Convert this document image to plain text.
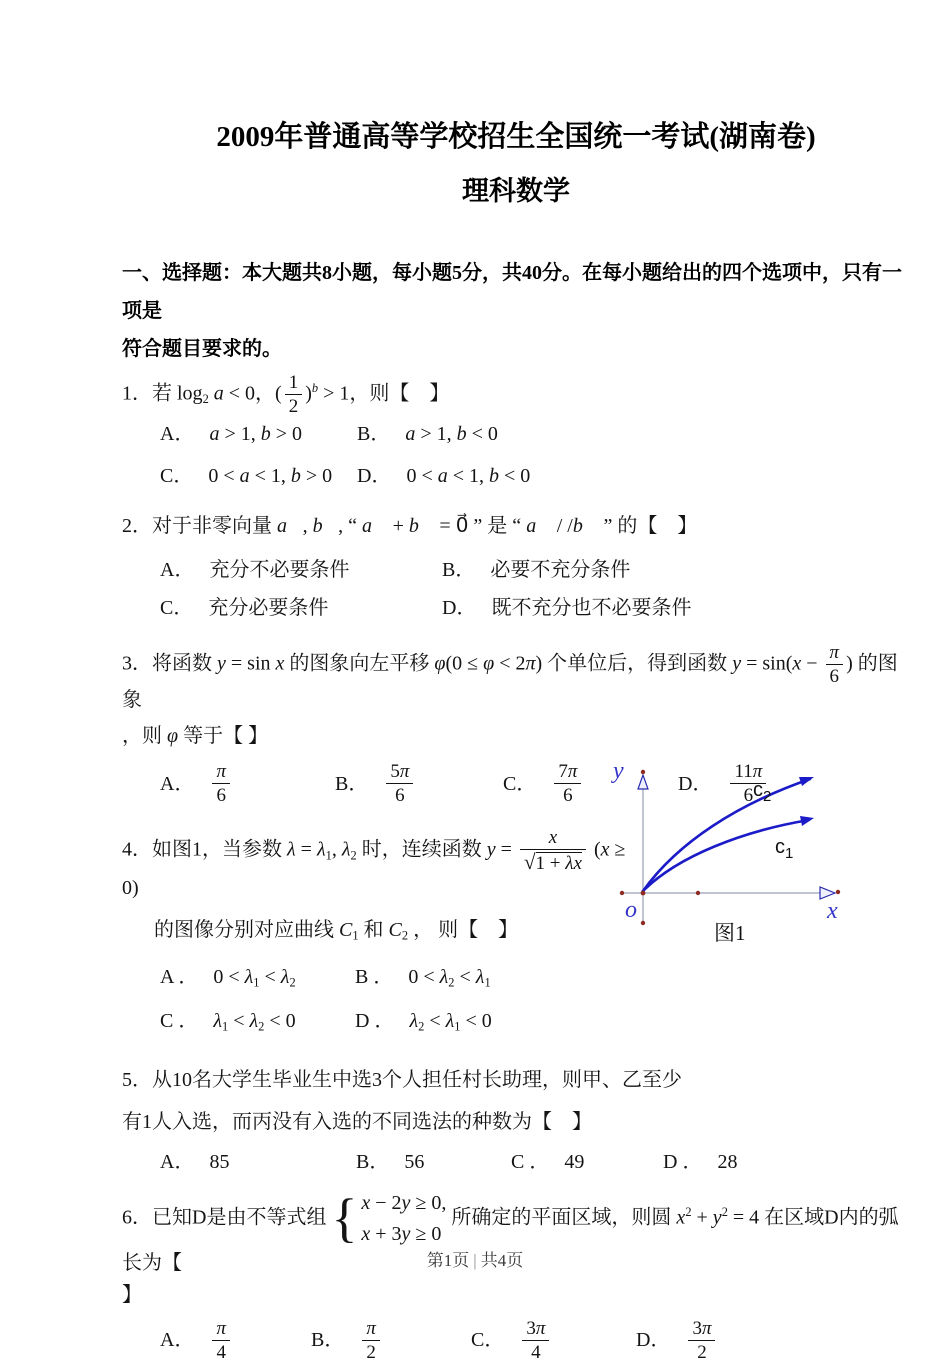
2009年普通高等学校招生全国统一考试(湖南卷)
理科数学
一、选择题：本大题共8小题，每小题5分，共40分。在每小题给出的四个选项中，只有一项是
符合题目要求的。
1．若 $\log_2 a < 0$，( $\frac{1}{2} )^b > 1$，则【　】
A． a > 1, b > 0	B． a > 1, b < 0
C． 0 < a < 1, b > 0 D． 0 < a < 1, b < 0
2．对于非零向量 a⃗, b⃗, “ a⃗ + b⃗ = 0⃗ ” 是 “ a⃗ / /b⃗ ” 的【　】
A． 充分不必要条件	B． 必要不充分条件
C． 充分必要条件	D． 既不充分也不必要条件
3．将函数 y = sin x 的图象向左平移 φ(0 ≤ φ < 2π) 个单位后，得到函数 $y = \sin(x - \frac{\pi}{6}$ ) 的图象
，则 φ 等于【 】
A． $\frac{\pi}{6}$	B． $\frac{5\pi}{6}$	C． $\frac{7\pi}{6}$	D． $\frac{11\pi}{6}$
4．如图1，当参数 $\lambda = \lambda_1$, $\lambda_2$ 时，连续函数 $y = \frac{x}{√1 + \lambda x} (x \ge 0)$
的图像分别对应曲线 $C_1$ 和 $C_2$ ， 则【　】
A ． $0 < \lambda_1 < \lambda_2$	B ． $0 < \lambda_2 < \lambda_1$
C ． $\lambda_1 < \lambda_2 < 0$	D ． $\lambda_2 < \lambda_1 < 0$
5．从10名大学生毕业生中选3个人担任村长助理，则甲、乙至少
有1人入选，而丙没有入选的不同选法的种数为【　】
A． 85	B． 56	C ． 49	D ． 28
6．已知D是由不等式组 { x − 2y ≥ 0,
x + 3y ≥ 0
所确定的平面区域，则圆 $x^2 + y^2 = 4$ 在区域D内的弧长为【
】
A． $\frac{\pi}{4}$	B． $\frac{\pi}{2}$	C． $\frac{3\pi}{4}$	D． $\frac{3\pi}{2}$
y
x
o
$c_2$
$c_1$
图1
第1页 | 共4页
